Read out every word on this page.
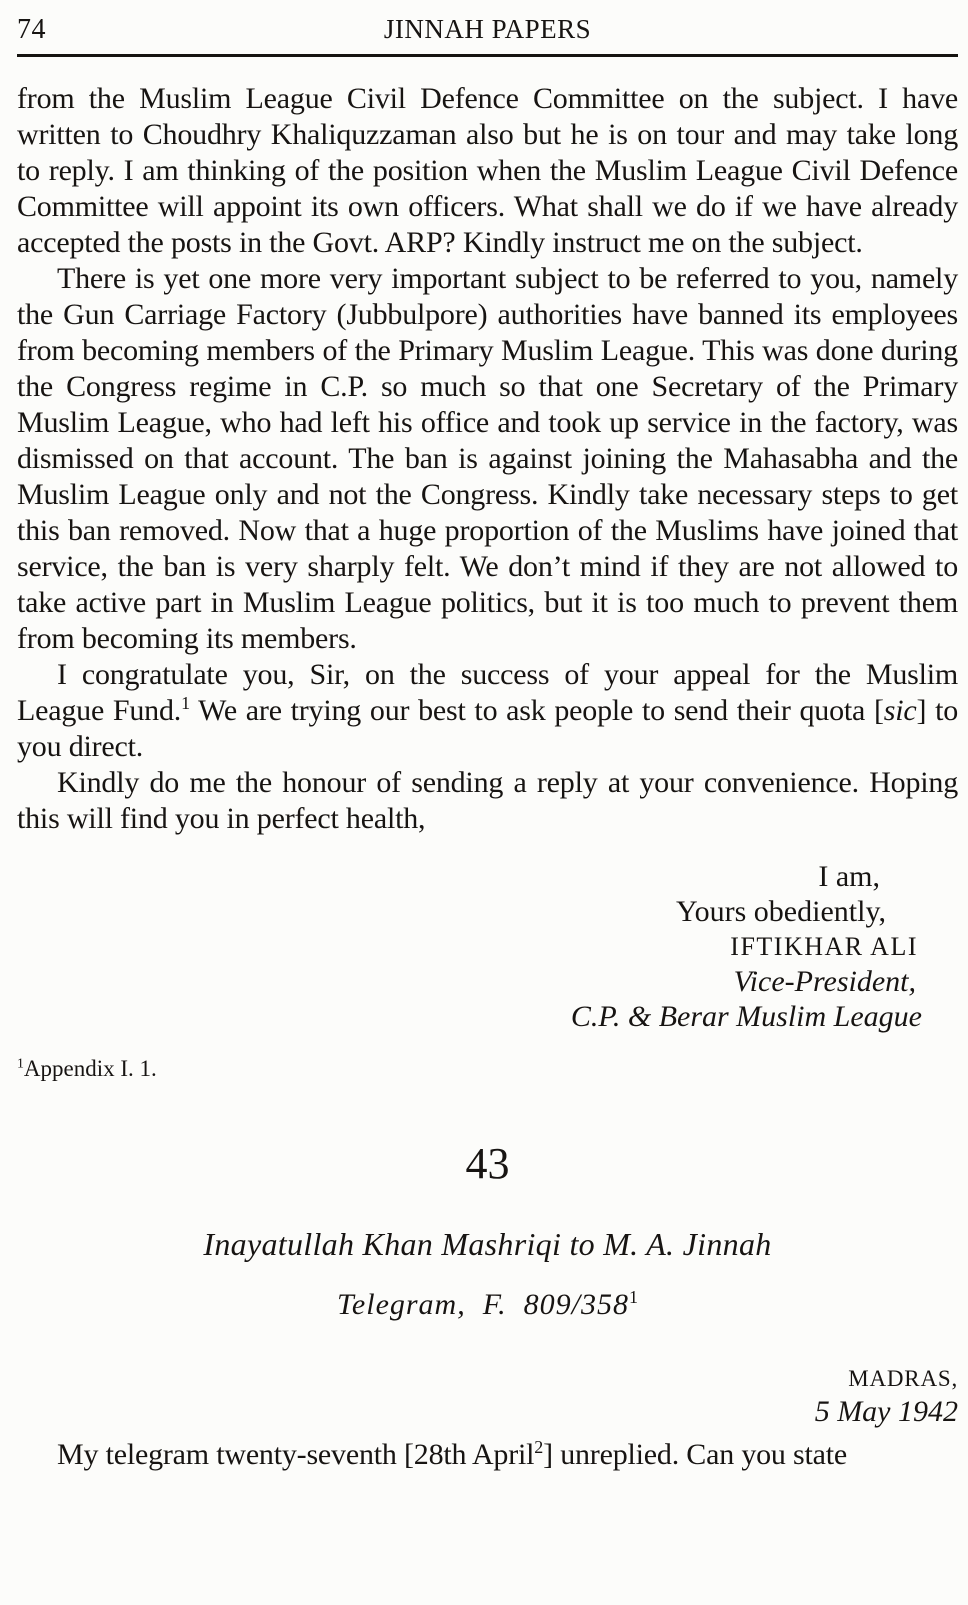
74	JINNAH PAPERS

from the Muslim League Civil Defence Committee on the subject. I have written to Choudhry Khaliquzzaman also but he is on tour and may take long to reply. I am thinking of the position when the Muslim League Civil Defence Committee will appoint its own officers. What shall we do if we have already accepted the posts in the Govt. ARP? Kindly instruct me on the subject.

There is yet one more very important subject to be referred to you, namely the Gun Carriage Factory (Jubbulpore) authorities have banned its employees from becoming members of the Primary Muslim League. This was done during the Congress regime in C.P. so much so that one Secretary of the Primary Muslim League, who had left his office and took up service in the factory, was dismissed on that account. The ban is against joining the Mahasabha and the Muslim League only and not the Congress. Kindly take necessary steps to get this ban removed. Now that a huge proportion of the Muslims have joined that service, the ban is very sharply felt. We don’t mind if they are not allowed to take active part in Muslim League politics, but it is too much to prevent them from becoming its members.

I congratulate you, Sir, on the success of your appeal for the Muslim League Fund.$^1$ We are trying our best to ask people to send their quota [sic] to you direct.

Kindly do me the honour of sending a reply at your convenience. Hoping this will find you in perfect health,

I am,

Yours obediently,

IFTIKHAR ALI

Vice-President,

C.P. & Berar Muslim League

$^1$Appendix I. 1.

43

Inayatullah Khan Mashriqi to M. A. Jinnah

Telegram,  F.  $809/358^1$

MADRAS,

5 May 1942

My telegram twenty-seventh [28th April$^2$] unreplied. Can you state
